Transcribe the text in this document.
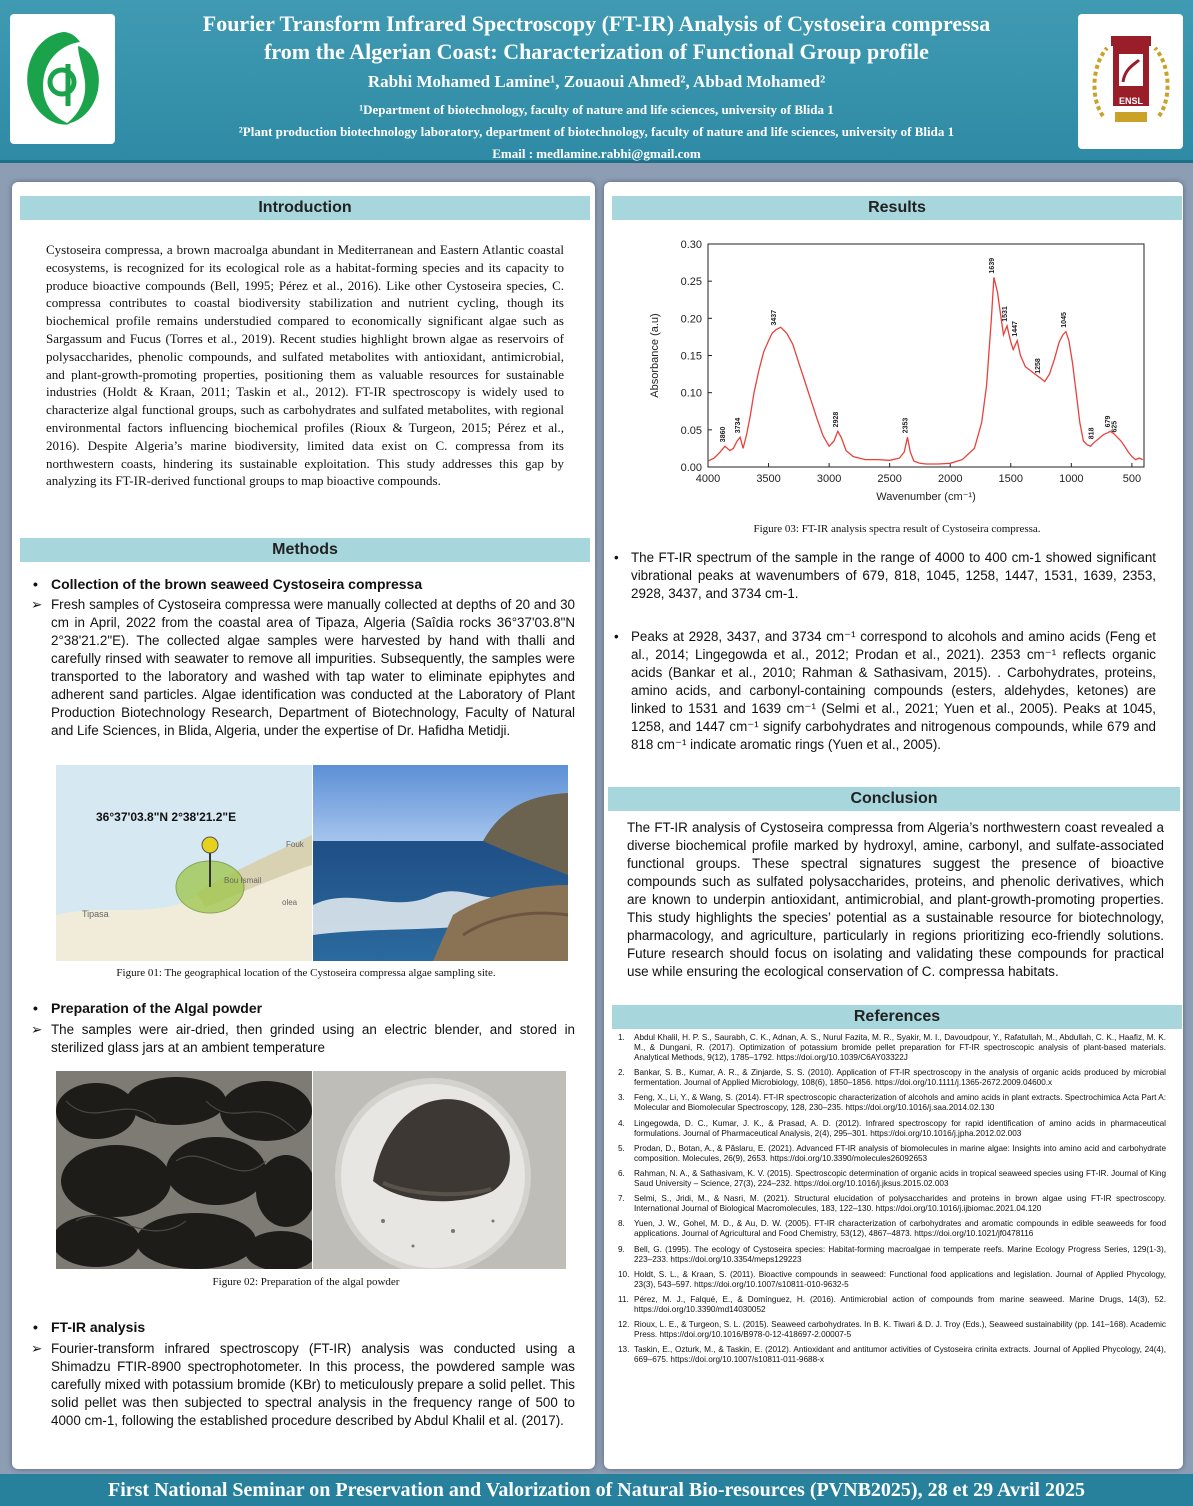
Fourier Transform Infrared Spectroscopy (FT-IR) Analysis of Cystoseira compressa
from the Algerian Coast: Characterization of Functional Group profile
Rabhi Mohamed Lamine¹, Zouaoui Ahmed², Abbad Mohamed²
¹Department of biotechnology, faculty of nature and life sciences, university of Blida 1
²Plant production biotechnology laboratory, department of biotechnology, faculty of nature and life sciences, university of Blida 1
Email : medlamine.rabhi@gmail.com
ENSL
Introduction
Cystoseira compressa, a brown macroalga abundant in Mediterranean and Eastern Atlantic coastal ecosystems, is recognized for its ecological role as a habitat-forming species and its capacity to produce bioactive compounds (Bell, 1995; Pérez et al., 2016). Like other Cystoseira species, C. compressa contributes to coastal biodiversity stabilization and nutrient cycling, though its biochemical profile remains understudied compared to economically significant algae such as Sargassum and Fucus (Torres et al., 2019). Recent studies highlight brown algae as reservoirs of polysaccharides, phenolic compounds, and sulfated metabolites with antioxidant, antimicrobial, and plant-growth-promoting properties, positioning them as valuable resources for sustainable industries (Holdt & Kraan, 2011; Taskin et al., 2012). FT-IR spectroscopy is widely used to characterize algal functional groups, such as carbohydrates and sulfated metabolites, with regional environmental factors influencing biochemical profiles (Rioux & Turgeon, 2015; Pérez et al., 2016). Despite Algeria’s marine biodiversity, limited data exist on C. compressa from its northwestern coasts, hindering its sustainable exploitation. This study addresses this gap by analyzing its FT-IR-derived functional groups to map bioactive compounds.
Methods
• Collection of the brown seaweed Cystoseira compressa
➢ Fresh samples of Cystoseira compressa were manually collected at depths of 20 and 30 cm in April, 2022 from the coastal area of Tipaza, Algeria (Saîdia rocks 36°37'03.8"N 2°38'21.2"E). The collected algae samples were harvested by hand with thalli and carefully rinsed with seawater to remove all impurities. Subsequently, the samples were transported to the laboratory and washed with tap water to eliminate epiphytes and adherent sand particles. Algae identification was conducted at the Laboratory of Plant Production Biotechnology Research, Department of Biotechnology, Faculty of Natural and Life Sciences, in Blida, Algeria, under the expertise of Dr. Hafidha Metidji.
36°37'03.8"N 2°38'21.2"E
Fouk
Tipasa
Bou Ismail
olea
Figure 01: The geographical location of the Cystoseira compressa algae sampling site.
• Preparation of the Algal powder
➢ The samples were air-dried, then grinded using an electric blender, and stored in sterilized glass jars at an ambient temperature
Figure 02: Preparation of the algal powder
• FT-IR analysis
➢ Fourier-transform infrared spectroscopy (FT-IR) analysis was conducted using a Shimadzu FTIR-8900 spectrophotometer. In this process, the powdered sample was carefully mixed with potassium bromide (KBr) to meticulously prepare a solid pellet. This solid pellet was then subjected to spectral analysis in the frequency range of 500 to 4000 cm-1, following the established procedure described by Abdul Khalil et al. (2017).
Results
4000	3500	3000	2500	2000	1500	1000	500
0.00
0.05
0.10
0.15
0.20
0.25
0.30
3860
3734
3437
2928	2353
1639
1531
1447
1258
1045
818
679 625
Wavenumber (cm⁻¹)
Absorbance (a.u)
Figure 03: FT-IR analysis spectra result of Cystoseira compressa.
• The FT-IR spectrum of the sample in the range of 4000 to 400 cm-1 showed significant vibrational peaks at wavenumbers of 679, 818, 1045, 1258, 1447, 1531, 1639, 2353, 2928, 3437, and 3734 cm-1.
• Peaks at 2928, 3437, and 3734 cm⁻¹ correspond to alcohols and amino acids (Feng et al., 2014; Lingegowda et al., 2012; Prodan et al., 2021). 2353 cm⁻¹ reflects organic acids (Bankar et al., 2010; Rahman & Sathasivam, 2015). . Carbohydrates, proteins, amino acids, and carbonyl-containing compounds (esters, aldehydes, ketones) are linked to 1531 and 1639 cm⁻¹ (Selmi et al., 2021; Yuen et al., 2005). Peaks at 1045, 1258, and 1447 cm⁻¹ signify carbohydrates and nitrogenous compounds, while 679 and 818 cm⁻¹ indicate aromatic rings (Yuen et al., 2005).
Conclusion
The FT-IR analysis of Cystoseira compressa from Algeria’s northwestern coast revealed a diverse biochemical profile marked by hydroxyl, amine, carbonyl, and sulfate-associated functional groups. These spectral signatures suggest the presence of bioactive compounds such as sulfated polysaccharides, proteins, and phenolic derivatives, which are known to underpin antioxidant, antimicrobial, and plant-growth-promoting properties. This study highlights the species’ potential as a sustainable resource for biotechnology, pharmacology, and agriculture, particularly in regions prioritizing eco-friendly solutions. Future research should focus on isolating and validating these compounds for practical use while ensuring the ecological conservation of C. compressa habitats.
References
1.	Abdul Khalil, H. P. S., Saurabh, C. K., Adnan, A. S., Nurul Fazita, M. R., Syakir, M. I., Davoudpour, Y., Rafatullah, M., Abdullah, C. K., Haafiz, M. K. M., & Dungani, R. (2017). Optimization of potassium bromide pellet preparation for FT-IR spectroscopic analysis of plant-based materials. Analytical Methods, 9(12), 1785–1792. https://doi.org/10.1039/C6AY03322J
2.	Bankar, S. B., Kumar, A. R., & Zinjarde, S. S. (2010). Application of FT-IR spectroscopy in the analysis of organic acids produced by microbial fermentation. Journal of Applied Microbiology, 108(6), 1850–1856. https://doi.org/10.1111/j.1365-2672.2009.04600.x
3.	Feng, X., Li, Y., & Wang, S. (2014). FT-IR spectroscopic characterization of alcohols and amino acids in plant extracts. Spectrochimica Acta Part A: Molecular and Biomolecular Spectroscopy, 128, 230–235. https://doi.org/10.1016/j.saa.2014.02.130
4.	Lingegowda, D. C., Kumar, J. K., & Prasad, A. D. (2012). Infrared spectroscopy for rapid identification of amino acids in pharmaceutical formulations. Journal of Pharmaceutical Analysis, 2(4), 295–301. https://doi.org/10.1016/j.jpha.2012.02.003
5.	Prodan, D., Botan, A., & Păslaru, E. (2021). Advanced FT-IR analysis of biomolecules in marine algae: Insights into amino acid and carbohydrate composition. Molecules, 26(9), 2653. https://doi.org/10.3390/molecules26092653
6.	Rahman, N. A., & Sathasivam, K. V. (2015). Spectroscopic determination of organic acids in tropical seaweed species using FT-IR. Journal of King Saud University – Science, 27(3), 224–232. https://doi.org/10.1016/j.jksus.2015.02.003
7.	Selmi, S., Jridi, M., & Nasri, M. (2021). Structural elucidation of polysaccharides and proteins in brown algae using FT-IR spectroscopy. International Journal of Biological Macromolecules, 183, 122–130. https://doi.org/10.1016/j.ijbiomac.2021.04.120
8.	Yuen, J. W., Gohel, M. D., & Au, D. W. (2005). FT-IR characterization of carbohydrates and aromatic compounds in edible seaweeds for food applications. Journal of Agricultural and Food Chemistry, 53(12), 4867–4873. https://doi.org/10.1021/jf0478116
9.	Bell, G. (1995). The ecology of Cystoseira species: Habitat-forming macroalgae in temperate reefs. Marine Ecology Progress Series, 129(1-3), 223–233. https://doi.org/10.3354/meps129223
10. Holdt, S. L., & Kraan, S. (2011). Bioactive compounds in seaweed: Functional food applications and legislation. Journal of Applied Phycology, 23(3), 543–597. https://doi.org/10.1007/s10811-010-9632-5
11. Pérez, M. J., Falqué, E., & Domínguez, H. (2016). Antimicrobial action of compounds from marine seaweed. Marine Drugs, 14(3), 52. https://doi.org/10.3390/md14030052
12. Rioux, L. E., & Turgeon, S. L. (2015). Seaweed carbohydrates. In B. K. Tiwari & D. J. Troy (Eds.), Seaweed sustainability (pp. 141–168). Academic Press. https://doi.org/10.1016/B978-0-12-418697-2.00007-5
13. Taskin, E., Ozturk, M., & Taskin, E. (2012). Antioxidant and antitumor activities of Cystoseira crinita extracts. Journal of Applied Phycology, 24(4), 669–675. https://doi.org/10.1007/s10811-011-9688-x
First National Seminar on Preservation and Valorization of Natural Bio-resources (PVNB2025), 28 et 29 Avril 2025
